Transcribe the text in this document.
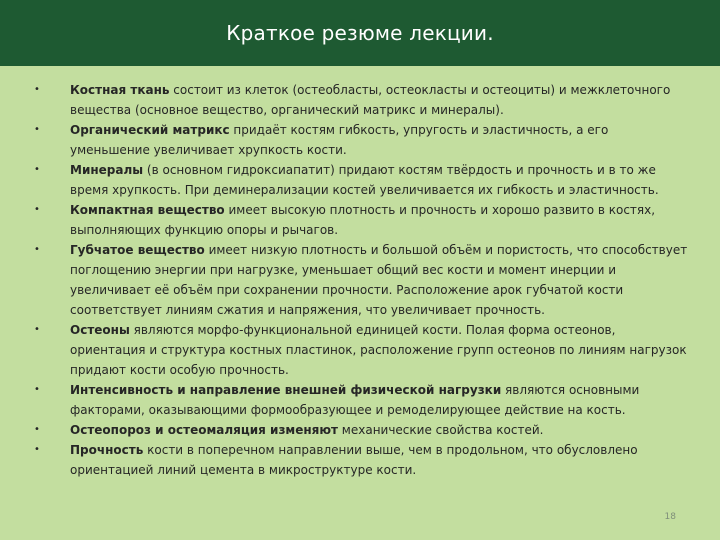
Краткое резюме лекции.
•	Костная ткань состоит из клеток (остеобласты, остеокласты и остеоциты) и межклеточного вещества (основное вещество, органический матрикс и минералы).
•	Органический матрикс придаёт костям гибкость, упругость и эластичность, а его уменьшение увеличивает хрупкость кости.
•	Минералы (в основном гидроксиапатит) придают костям твёрдость и прочность и в то же время хрупкость. При деминерализации костей увеличивается их гибкость и эластичность.
•	Компактная вещество имеет высокую плотность и прочность и хорошо развито в костях, выполняющих функцию опоры и рычагов.
•	Губчатое вещество имеет низкую плотность и большой объём и пористость, что способствует поглощению энергии при нагрузке, уменьшает общий вес кости и момент инерции и увеличивает её объём при сохранении прочности. Расположение арок губчатой кости соответствует линиям сжатия и напряжения, что увеличивает прочность.
•	Остеоны являются морфо-функциональной единицей кости. Полая форма остеонов, ориентация и структура костных пластинок, расположение групп остеонов по линиям нагрузок придают кости особую прочность.
•	Интенсивность и направление внешней физической нагрузки являются основными факторами, оказывающими формообразующее и ремоделирующее действие на кость.
•	Остеопороз и остеомаляция изменяют механические свойства костей.
•	Прочность кости в поперечном направлении выше, чем в продольном, что обусловлено ориентацией линий цемента в микроструктуре кости.
18
